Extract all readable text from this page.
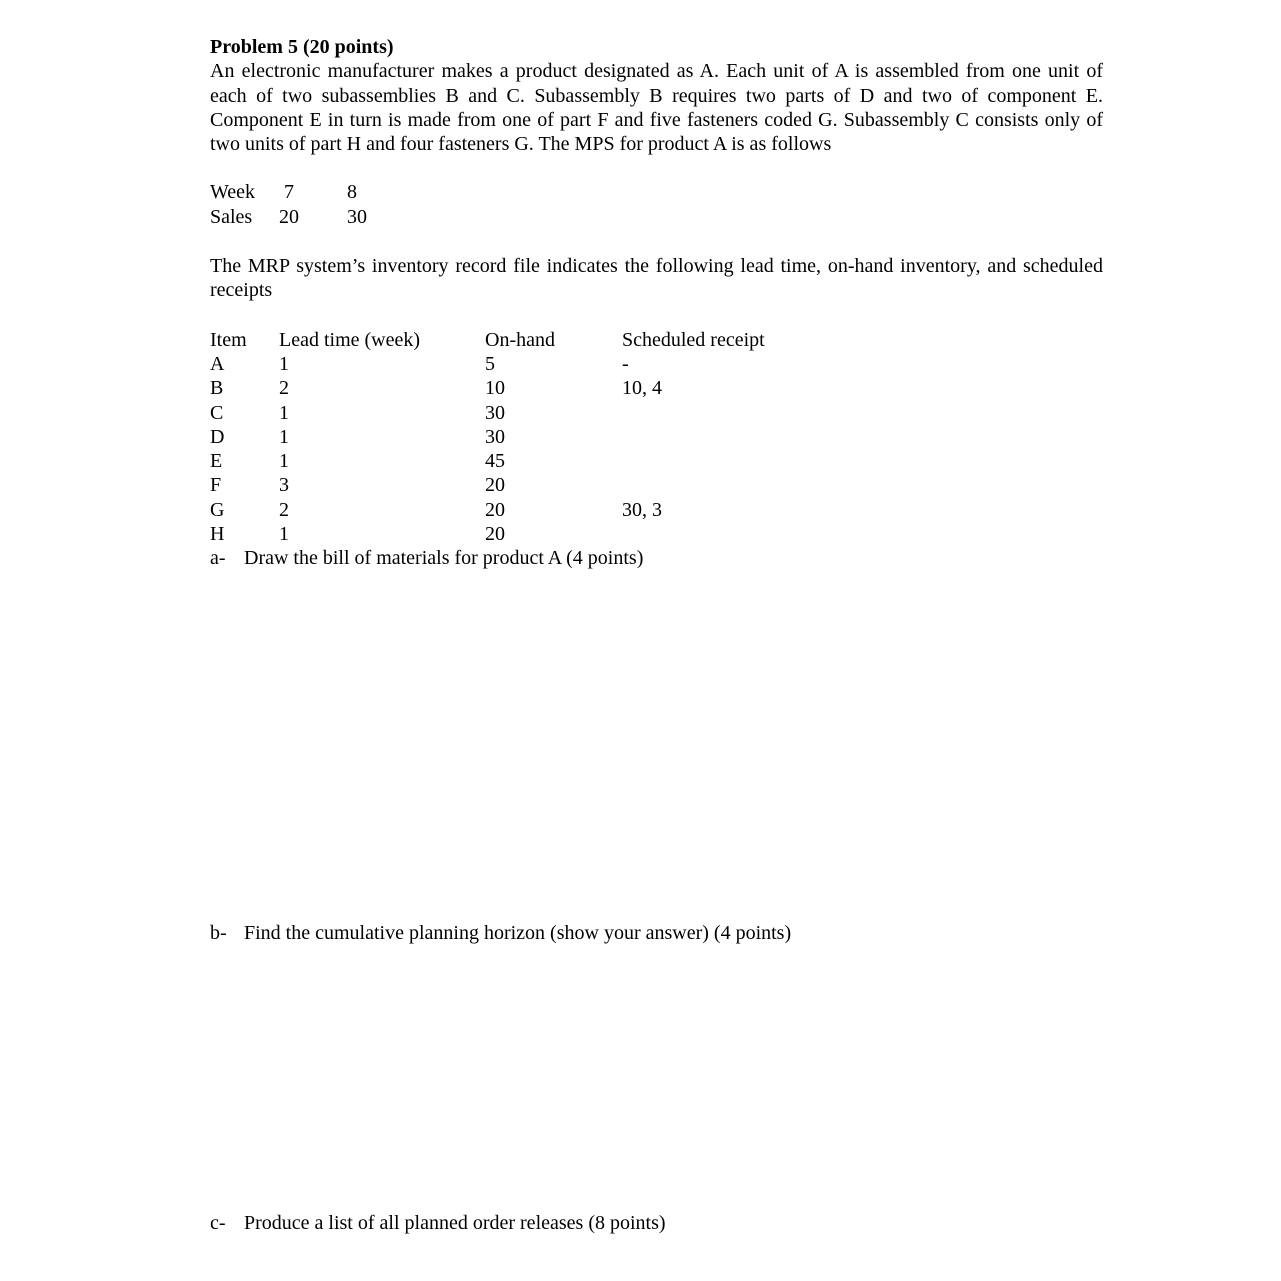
Problem 5 (20 points)

An electronic manufacturer makes a product designated as A. Each unit of A is assembled from one unit of each of two subassemblies B and C. Subassembly B requires two parts of D and two of component E. Component E in turn is made from one of part F and five fasteners coded G. Subassembly C consists only of two units of part H and four fasteners G. The MPS for product A is as follows

Week 7	8
Sales 20 30

The MRP system’s inventory record file indicates the following lead time, on-hand inventory, and scheduled receipts

Item Lead time (week)	On-hand	Scheduled receipt
A	1	5	-
B	2	10	10, 4
C	1	30
D	1	30
E	1	45
F	3	20
G	2	20	30, 3
H	1	20
a- Draw the bill of materials for product A (4 points)
b- Find the cumulative planning horizon (show your answer) (4 points)
c- Produce a list of all planned order releases (8 points)
